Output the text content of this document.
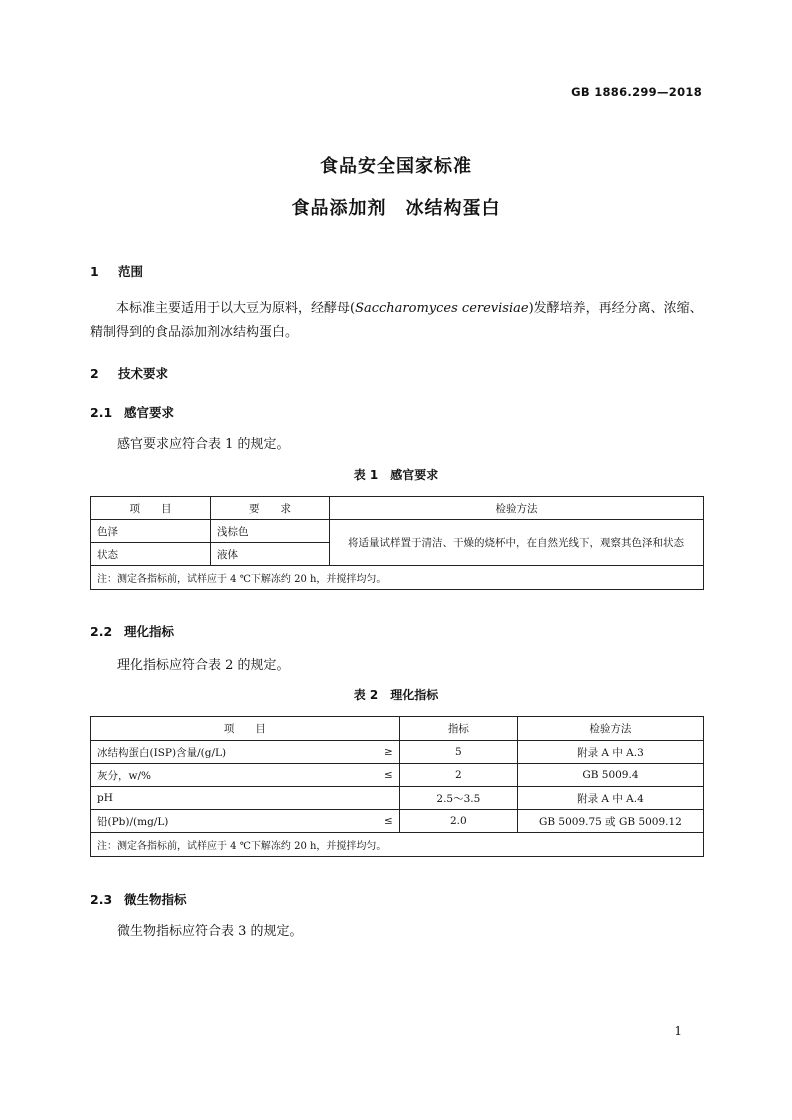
GB 1886.299—2018
食品安全国家标准
食品添加剂　冰结构蛋白
1 范围
本标准主要适用于以大豆为原料，经酵母(Saccharomyces cerevisiae)发酵培养，再经分离、浓缩、精制得到的食品添加剂冰结构蛋白。
2 技术要求
2.1 感官要求
感官要求应符合表 1 的规定。
表 1　感官要求
项　　目	要　　求	检验方法
色泽	浅棕色	将适量试样置于清洁、干燥的烧杯中，在自然光线下，观察其色泽和状态
状态	液体	
注：测定各指标前，试样应于 4 ℃下解冻约 20 h，并搅拌均匀。		
2.2 理化指标
理化指标应符合表 2 的规定。
表 2　理化指标
项　　目		指标	检验方法
冰结构蛋白(ISP)含量/(g/L)	≥	5	附录 A 中 A.3
灰分，w/%	≤	2	GB 5009.4
pH		2.5～3.5	附录 A 中 A.4
铅(Pb)/(mg/L)	≤	2.0	GB 5009.75 或 GB 5009.12
注：测定各指标前，试样应于 4 ℃下解冻约 20 h，并搅拌均匀。			
2.3 微生物指标
微生物指标应符合表 3 的规定。
1
